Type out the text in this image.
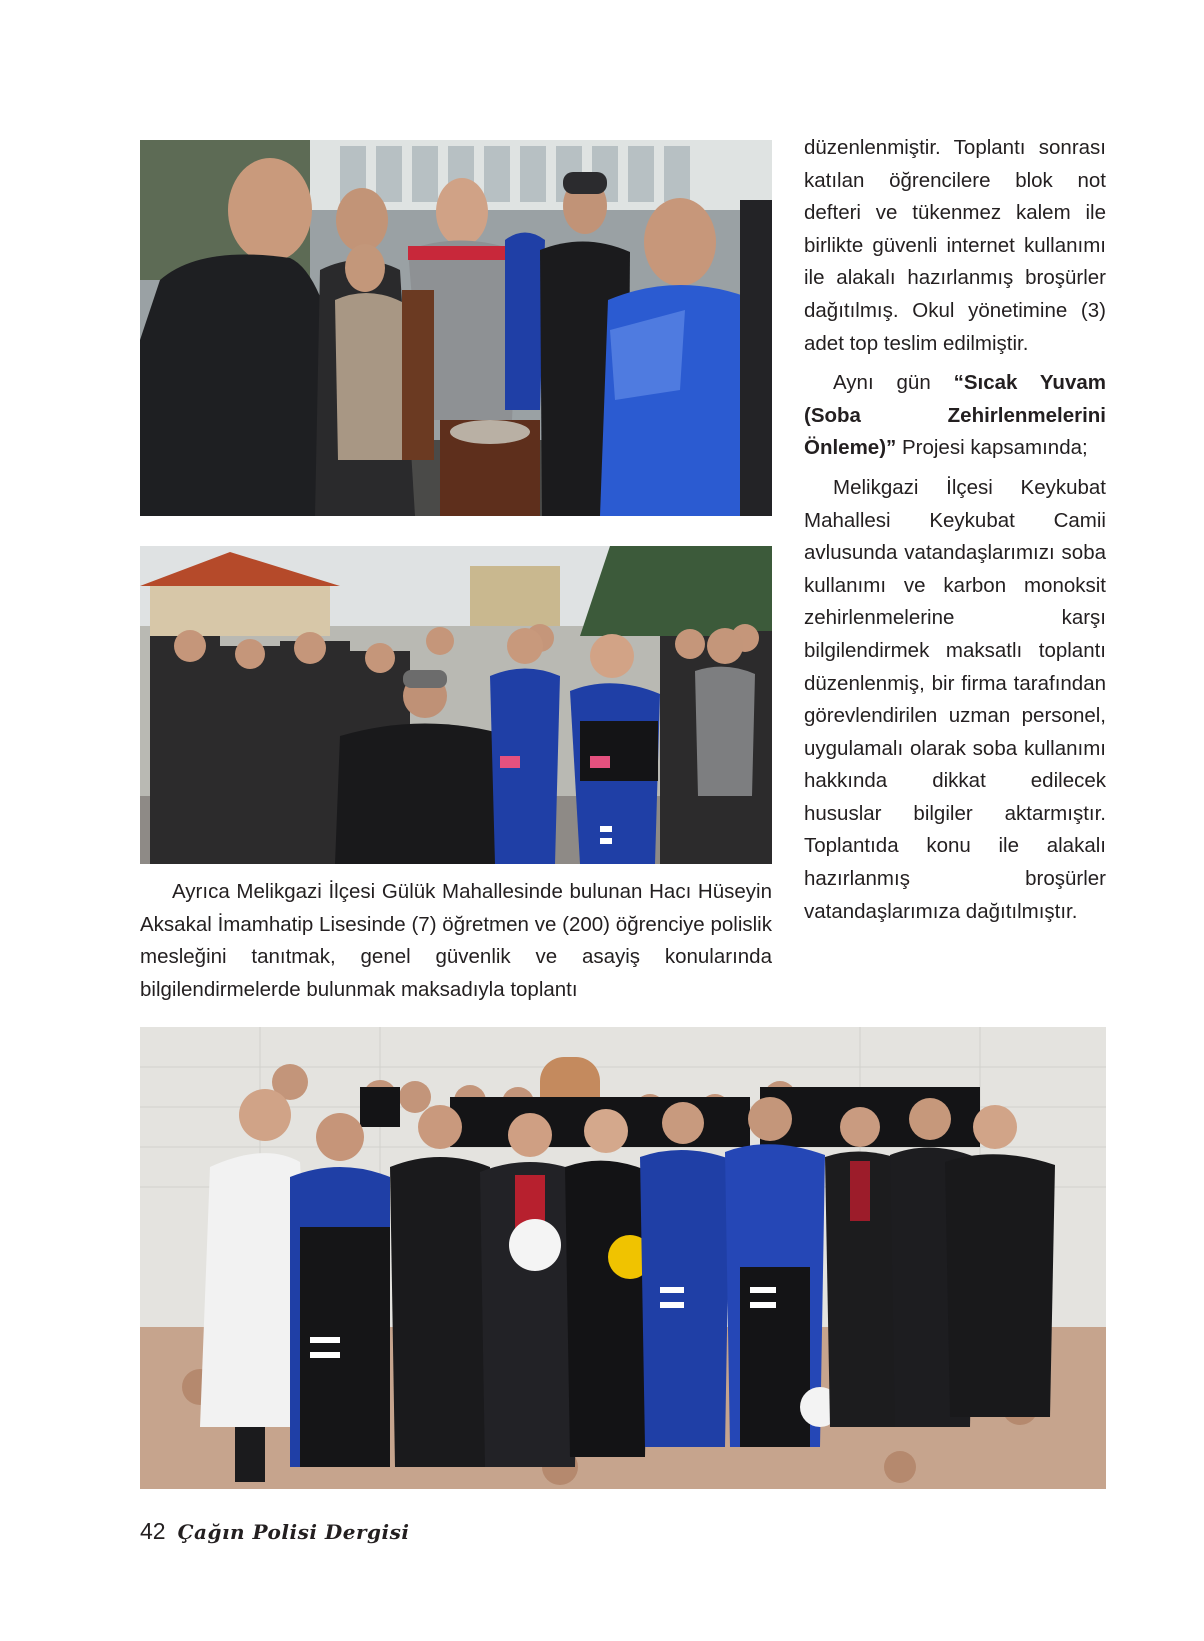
düzenlenmiştir. Toplantı sonrası katılan öğrencilere blok not defteri ve tükenmez kalem ile birlikte güvenli internet kullanımı ile alakalı hazırlanmış broşürler dağıtılmış. Okul yönetimine (3) adet top teslim edilmiştir.

Aynı gün “Sıcak Yuvam (Soba Zehirlenmelerini Önleme)” Projesi kapsamında;

Melikgazi İlçesi Keykubat Mahallesi Keykubat Camii avlusunda vatandaşlarımızı soba kullanımı ve karbon monoksit zehirlenmelerine karşı bilgilendirmek maksatlı toplantı düzenlenmiş, bir firma tarafından görevlendirilen uzman personel, uygulamalı olarak soba kullanımı hakkında dikkat edilecek hususlar bilgiler aktarmıştır. Toplantıda konu ile alakalı hazırlanmış broşürler vatandaşlarımıza dağıtılmıştır.

Ayrıca Melikgazi İlçesi Gülük Mahallesinde bulunan Hacı Hüseyin Aksakal İmamhatip Lisesinde (7) öğretmen ve (200) öğrenciye polislik mesleğini tanıtmak, genel güvenlik ve asayiş konularında bilgilendirmelerde bulunmak maksadıyla toplantı

42 Çağın Polisi Dergisi
